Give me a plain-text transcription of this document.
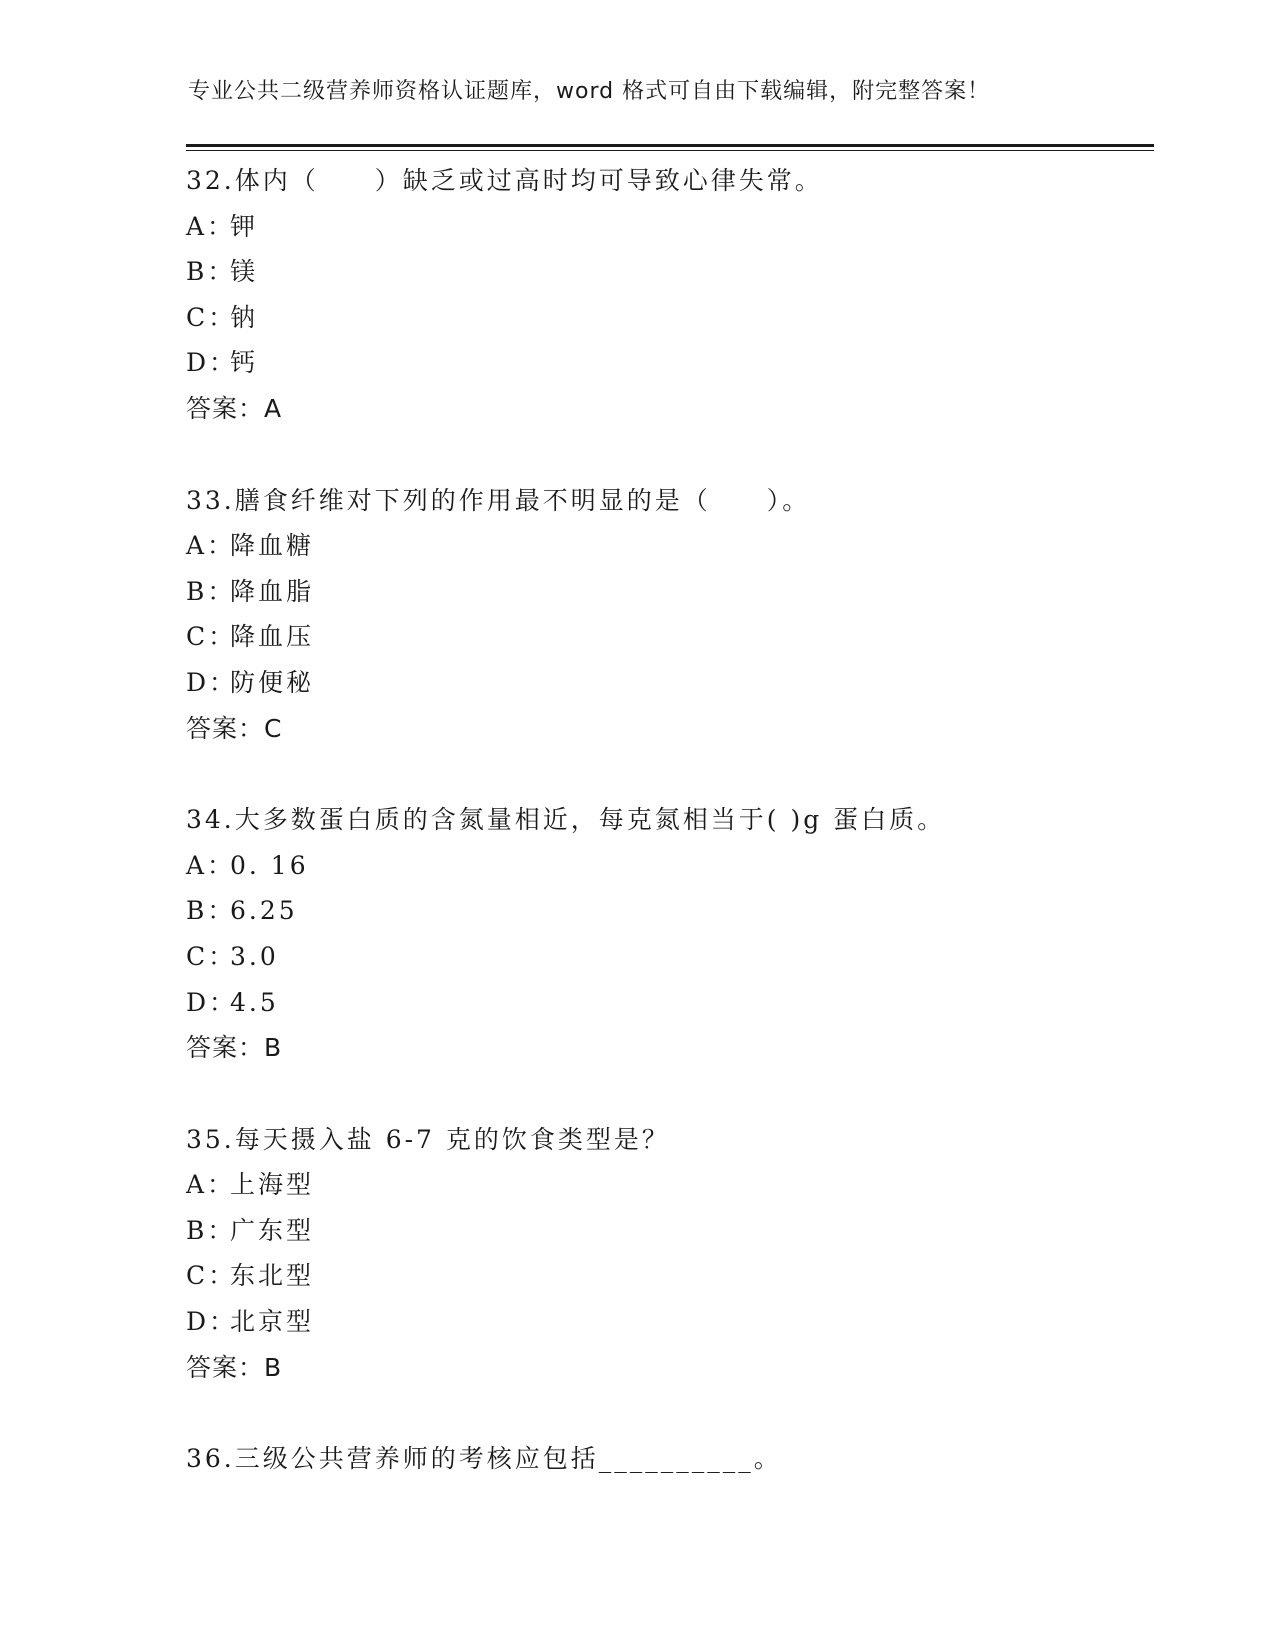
专业公共二级营养师资格认证题库，word 格式可自由下载编辑，附完整答案！
32.体内（　　）缺乏或过高时均可导致心律失常。
A：钾
B：镁
C：钠
D：钙
答案：A
33.膳食纤维对下列的作用最不明显的是（　　）。
A：降血糖
B：降血脂
C：降血压
D：防便秘
答案：C
34.大多数蛋白质的含氮量相近，每克氮相当于( )g 蛋白质。
A：0. 16
B：6.25
C：3.0
D：4.5
答案：B
35.每天摄入盐 6-7 克的饮食类型是？
A：上海型
B：广东型
C：东北型
D：北京型
答案：B
36.三级公共营养师的考核应包括__________。
